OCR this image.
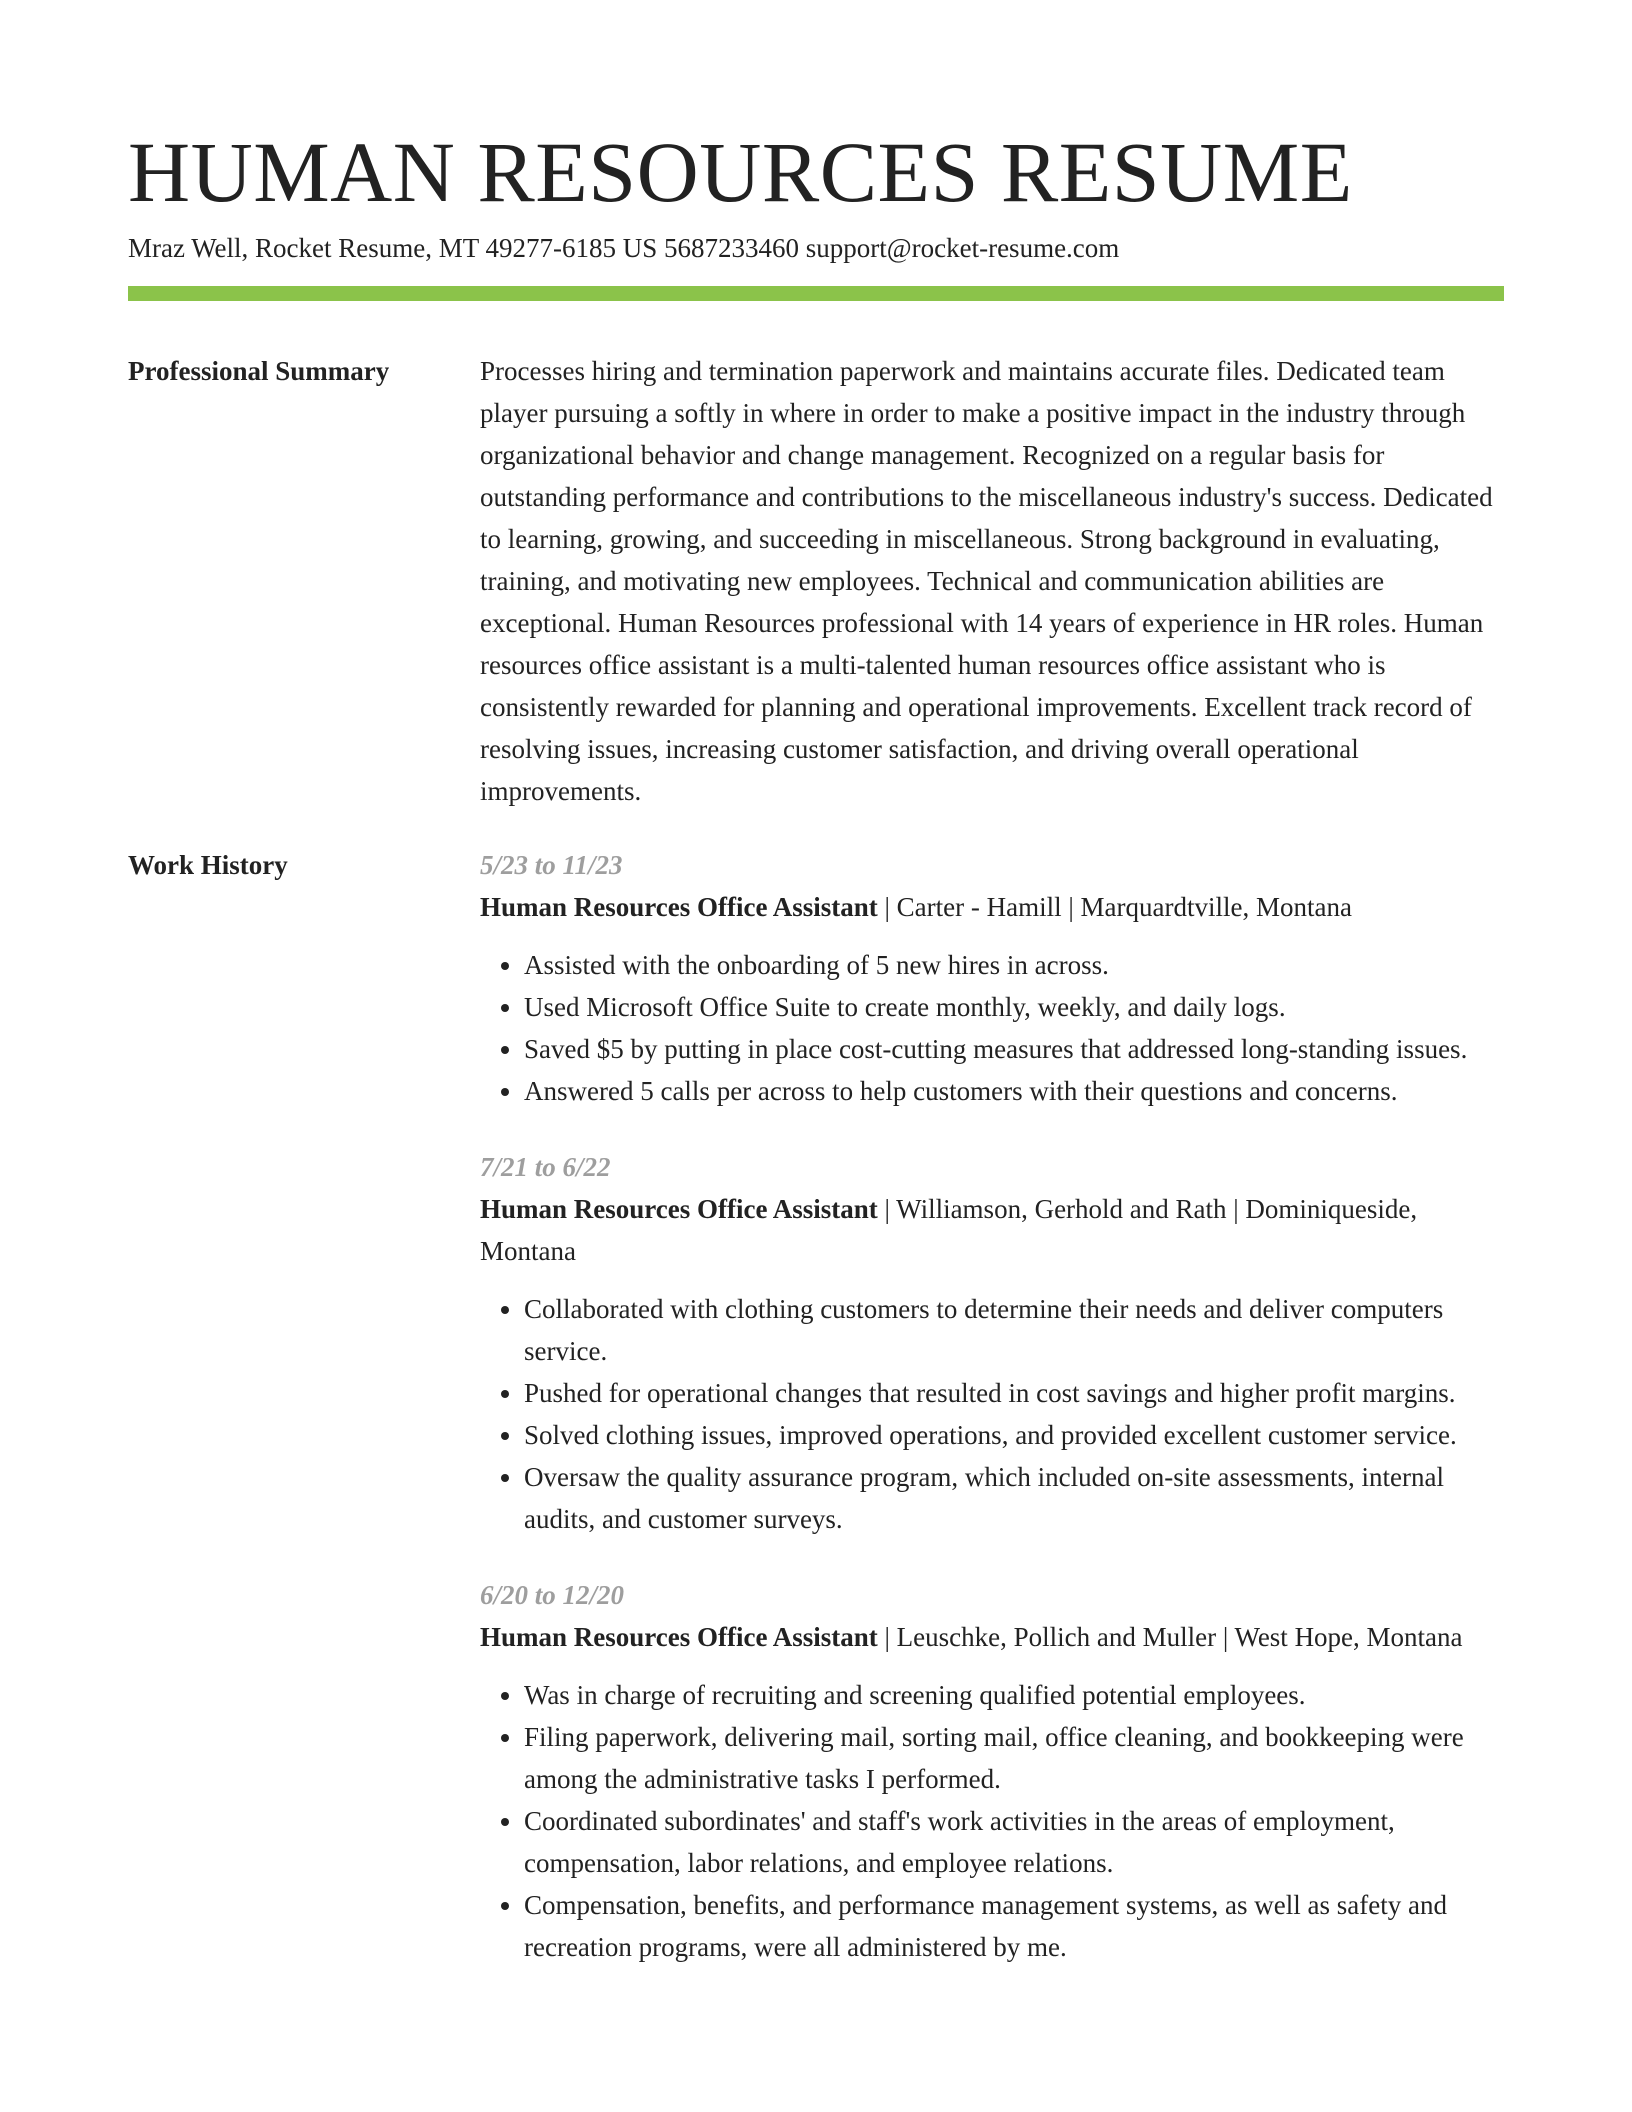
HUMAN RESOURCES RESUME
Mraz Well, Rocket Resume, MT 49277-6185 US 5687233460 support@rocket-resume.com
Professional Summary	Processes hiring and termination paperwork and maintains accurate files. Dedicated team player pursuing a softly in where in order to make a positive impact in the industry through organizational behavior and change management. Recognized on a regular basis for outstanding performance and contributions to the miscellaneous industry's success. Dedicated to learning, growing, and succeeding in miscellaneous. Strong background in evaluating, training, and motivating new employees. Technical and communication abilities are exceptional. Human Resources professional with 14 years of experience in HR roles. Human resources office assistant is a multi-talented human resources office assistant who is consistently rewarded for planning and operational improvements. Excellent track record of resolving issues, increasing customer satisfaction, and driving overall operational improvements.

Work History	5/23 to 11/23
Human Resources Office Assistant | Carter - Hamill | Marquardtville, Montana
• Assisted with the onboarding of 5 new hires in across.
• Used Microsoft Office Suite to create monthly, weekly, and daily logs.
• Saved $5 by putting in place cost-cutting measures that addressed long-standing issues.
• Answered 5 calls per across to help customers with their questions and concerns.
7/21 to 6/22
Human Resources Office Assistant | Williamson, Gerhold and Rath | Dominiqueside, Montana
• Collaborated with clothing customers to determine their needs and deliver computers service.
• Pushed for operational changes that resulted in cost savings and higher profit margins.
• Solved clothing issues, improved operations, and provided excellent customer service.
• Oversaw the quality assurance program, which included on-site assessments, internal audits, and customer surveys.
6/20 to 12/20
Human Resources Office Assistant | Leuschke, Pollich and Muller | West Hope, Montana
• Was in charge of recruiting and screening qualified potential employees.
• Filing paperwork, delivering mail, sorting mail, office cleaning, and bookkeeping were among the administrative tasks I performed.
• Coordinated subordinates' and staff's work activities in the areas of employment, compensation, labor relations, and employee relations.
• Compensation, benefits, and performance management systems, as well as safety and recreation programs, were all administered by me.
